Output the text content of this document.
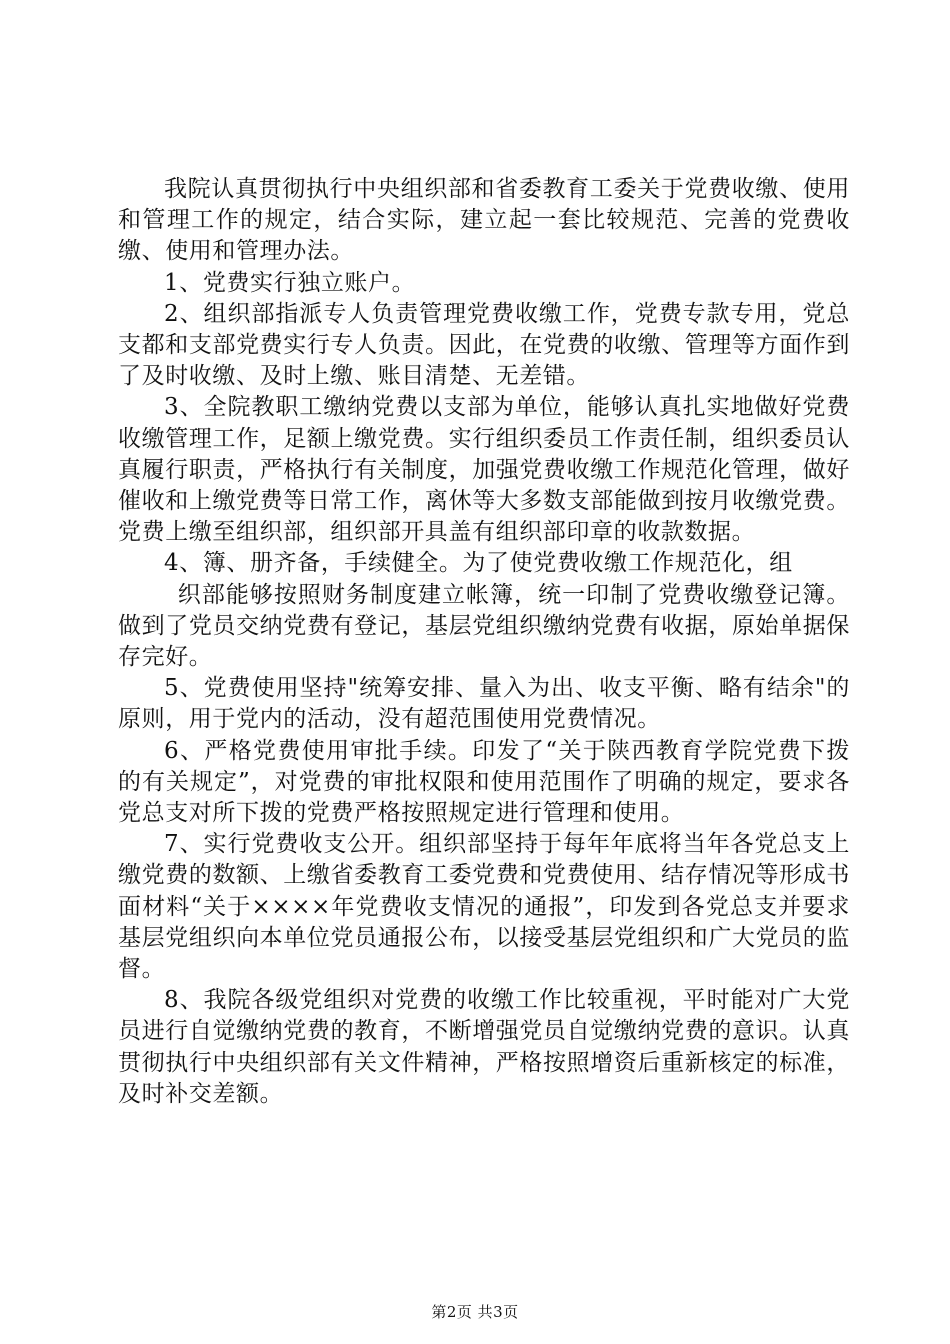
我院认真贯彻执行中央组织部和省委教育工委关于党费收缴、使用和管理工作的规定，结合实际，建立起一套比较规范、完善的党费收缴、使用和管理办法。

1、党费实行独立账户。

2、组织部指派专人负责管理党费收缴工作，党费专款专用，党总支都和支部党费实行专人负责。因此，在党费的收缴、管理等方面作到了及时收缴、及时上缴、账目清楚、无差错。

3、全院教职工缴纳党费以支部为单位，能够认真扎实地做好党费收缴管理工作，足额上缴党费。实行组织委员工作责任制，组织委员认真履行职责，严格执行有关制度，加强党费收缴工作规范化管理，做好催收和上缴党费等日常工作，离休等大多数支部能做到按月收缴党费。党费上缴至组织部，组织部开具盖有组织部印章的收款数据。

4、簿、册齐备，手续健全。为了使党费收缴工作规范化，组

织部能够按照财务制度建立帐簿，统一印制了党费收缴登记簿。做到了党员交纳党费有登记，基层党组织缴纳党费有收据，原始单据保存完好。

5、党费使用坚持"统筹安排、量入为出、收支平衡、略有结余"的原则，用于党内的活动，没有超范围使用党费情况。

6、严格党费使用审批手续。印发了“关于陕西教育学院党费下拨的有关规定”，对党费的审批权限和使用范围作了明确的规定，要求各党总支对所下拨的党费严格按照规定进行管理和使用。

7、实行党费收支公开。组织部坚持于每年年底将当年各党总支上缴党费的数额、上缴省委教育工委党费和党费使用、结存情况等形成书面材料“关于××××年党费收支情况的通报”，印发到各党总支并要求基层党组织向本单位党员通报公布，以接受基层党组织和广大党员的监督。

8、我院各级党组织对党费的收缴工作比较重视，平时能对广大党员进行自觉缴纳党费的教育，不断增强党员自觉缴纳党费的意识。认真贯彻执行中央组织部有关文件精神，严格按照增资后重新核定的标准，及时补交差额。

第2页 共3页
